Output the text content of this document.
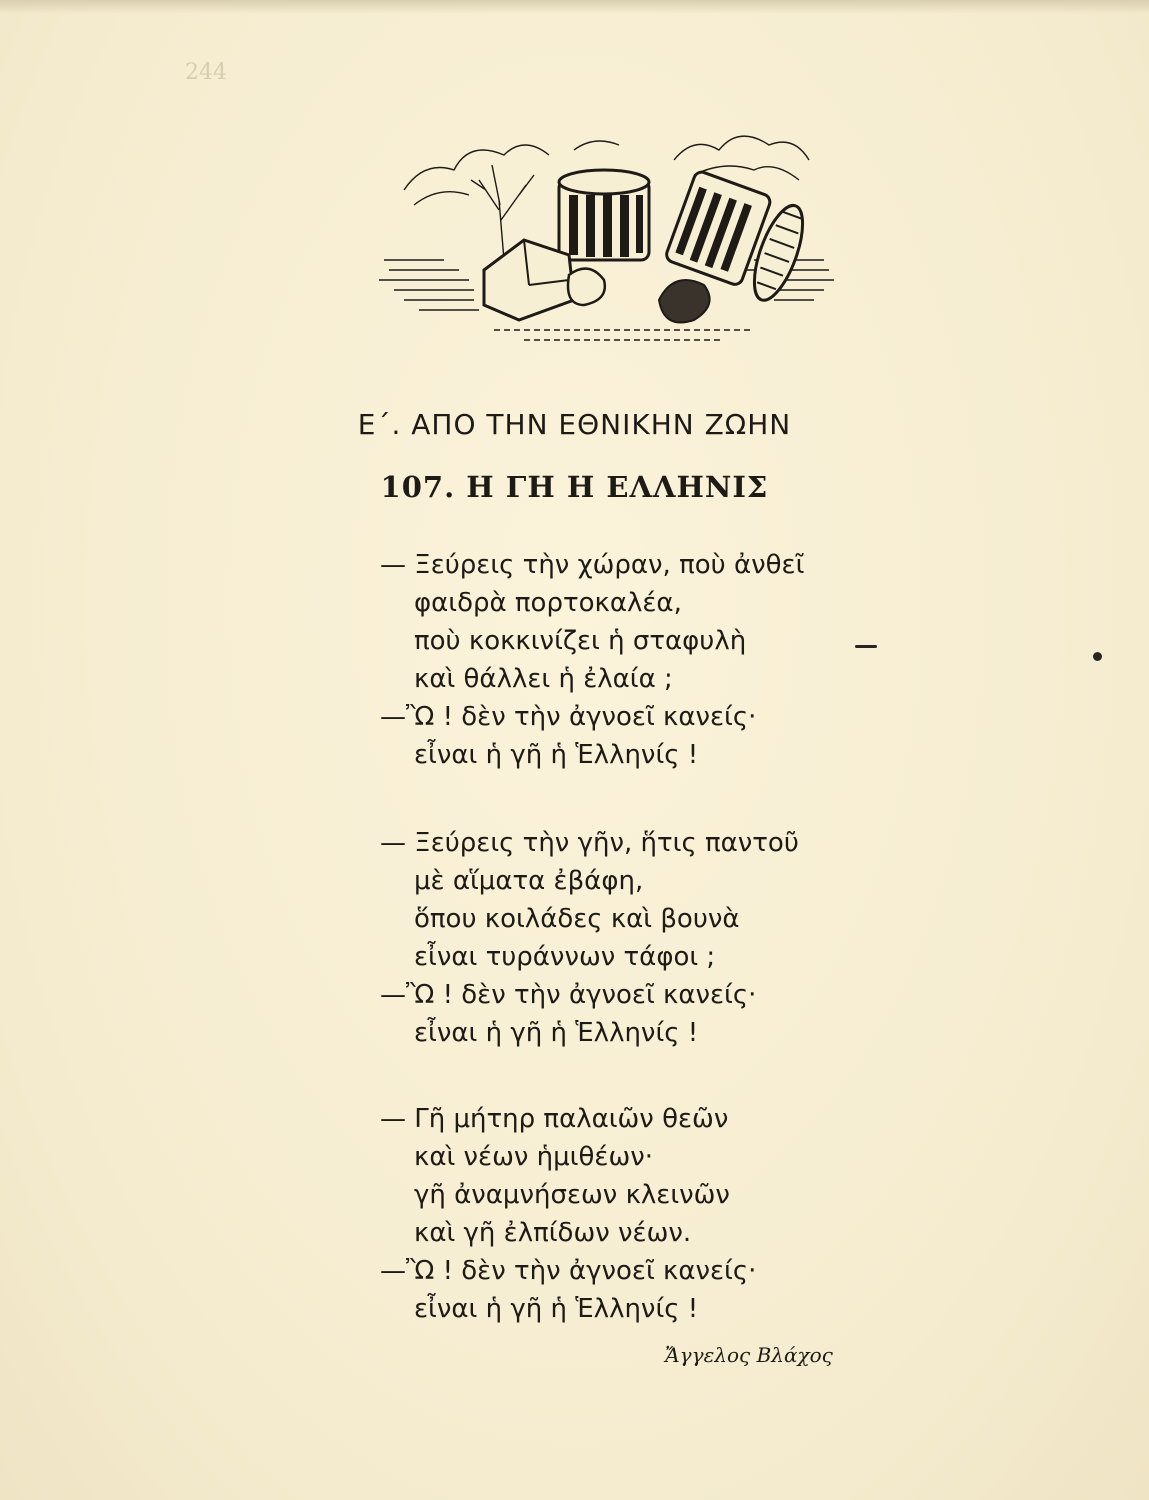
244
Ε΄. ΑΠΟ ΤΗΝ ΕΘΝΙΚΗΝ ΖΩΗΝ
107. Η ΓΗ Η ΕΛΛΗΝΙΣ
— Ξεύρεις τὴν χώραν, ποὺ ἀνθεῖ
φαιδρὰ πορτοκαλέα,
ποὺ κοκκινίζει ἡ σταφυλὴ
καὶ θάλλει ἡ ἐλαία ;
—Ὢ ! δὲν τὴν ἀγνοεῖ κανείς·
εἶναι ἡ γῆ ἡ Ἑλληνίς !
— Ξεύρεις τὴν γῆν, ἥτις παντοῦ
μὲ αἵματα ἐβάφη,
ὅπου κοιλάδες καὶ βουνὰ
εἶναι τυράννων τάφοι ;
—Ὢ ! δὲν τὴν ἀγνοεῖ κανείς·
εἶναι ἡ γῆ ἡ Ἑλληνίς !
— Γῆ μήτηρ παλαιῶν θεῶν
καὶ νέων ἡμιθέων·
γῆ ἀναμνήσεων κλεινῶν
καὶ γῆ ἐλπίδων νέων.
—Ὢ ! δὲν τὴν ἀγνοεῖ κανείς·
εἶναι ἡ γῆ ἡ Ἑλληνίς !
Ἄγγελος Βλάχος
